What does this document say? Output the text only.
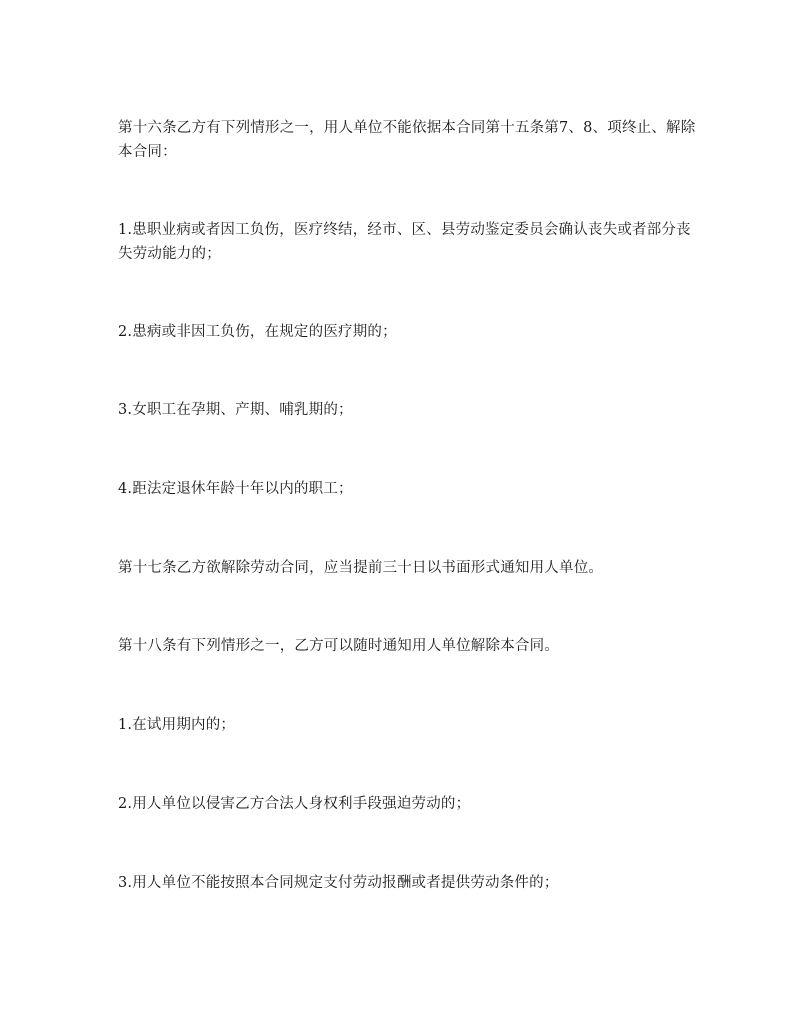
第十六条乙方有下列情形之一，用人单位不能依据本合同第十五条第7、8、项终止、解除本合同：

1.患职业病或者因工负伤，医疗终结，经市、区、县劳动鉴定委员会确认丧失或者部分丧失劳动能力的；

2.患病或非因工负伤，在规定的医疗期的；

3.女职工在孕期、产期、哺乳期的；

4.距法定退休年龄十年以内的职工；

第十七条乙方欲解除劳动合同，应当提前三十日以书面形式通知用人单位。

第十八条有下列情形之一，乙方可以随时通知用人单位解除本合同。

1.在试用期内的；

2.用人单位以侵害乙方合法人身权利手段强迫劳动的；

3.用人单位不能按照本合同规定支付劳动报酬或者提供劳动条件的；
